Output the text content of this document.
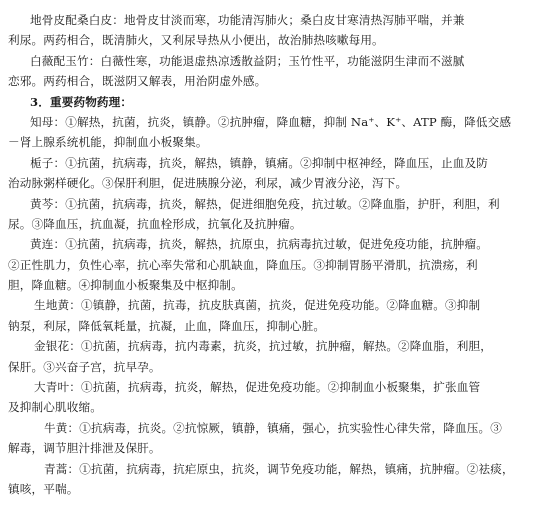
地骨皮配桑白皮：地骨皮甘淡而寒，功能清泻肺火；桑白皮甘寒清热泻肺平喘，并兼
利尿。两药相合，既清肺火，又利尿导热从小便出，故治肺热咳嗽每用。
白薇配玉竹：白薇性寒，功能退虚热凉透散益阴；玉竹性平，功能滋阴生津而不滋腻
恋邪。两药相合，既滋阴又解表，用治阴虚外感。
3．重要药物药理：
知母：①解热，抗菌，抗炎，镇静。②抗肿瘤，降血糖，抑制 Na⁺、K⁺、ATP 酶，降低交感
－肾上腺系统机能，抑制血小板聚集。
栀子：①抗菌，抗病毒，抗炎，解热，镇静，镇痛。②抑制中枢神经，降血压，止血及防
治动脉粥样硬化。③保肝利胆，促进胰腺分泌，利尿，减少胃液分泌，泻下。
黄芩：①抗菌，抗病毒，抗炎，解热，促进细胞免疫，抗过敏。②降血脂，护肝，利胆，利
尿。③降血压，抗血凝，抗血栓形成，抗氧化及抗肿瘤。
黄连：①抗菌，抗病毒，抗炎，解热，抗原虫，抗病毒抗过敏，促进免疫功能，抗肿瘤。
②正性肌力，负性心率，抗心率失常和心肌缺血，降血压。③抑制胃肠平滑肌，抗溃疡，利
胆，降血糖。④抑制血小板聚集及中枢抑制。
生地黄：①镇静，抗菌，抗毒，抗皮肤真菌，抗炎，促进免疫功能。②降血糖。③抑制
钠泵，利尿，降低氧耗量，抗凝，止血，降血压，抑制心脏。
金银花：①抗菌，抗病毒，抗内毒素，抗炎，抗过敏，抗肿瘤，解热。②降血脂，利胆，
保肝。③兴奋子宫，抗早孕。
大青叶：①抗菌，抗病毒，抗炎，解热，促进免疫功能。②抑制血小板聚集，扩张血管
及抑制心肌收缩。
牛黄：①抗病毒，抗炎。②抗惊厥，镇静，镇痛，强心，抗实验性心律失常，降血压。③
解毒，调节胆汁排泄及保肝。
青蒿：①抗菌，抗病毒，抗疟原虫，抗炎，调节免疫功能，解热，镇痛，抗肿瘤。②祛痰，
镇咳，平喘。
